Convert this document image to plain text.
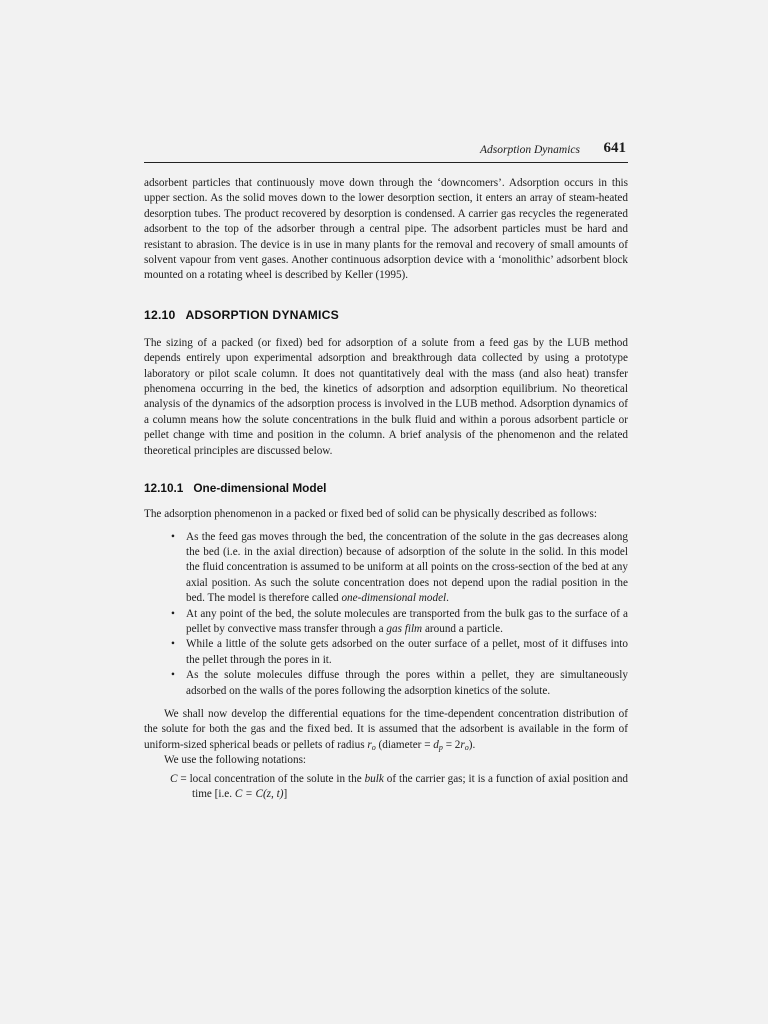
Adsorption Dynamics 641

adsorbent particles that continuously move down through the ‘downcomers’. Adsorption occurs in this upper section. As the solid moves down to the lower desorption section, it enters an array of steam-heated desorption tubes. The product recovered by desorption is condensed. A carrier gas recycles the regenerated adsorbent to the top of the adsorber through a central pipe. The adsorbent particles must be hard and resistant to abrasion. The device is in use in many plants for the removal and recovery of small amounts of solvent vapour from vent gases. Another continuous adsorption device with a ‘monolithic’ adsorbent block mounted on a rotating wheel is described by Keller (1995).

12.10 ADSORPTION DYNAMICS

The sizing of a packed (or fixed) bed for adsorption of a solute from a feed gas by the LUB method depends entirely upon experimental adsorption and breakthrough data collected by using a prototype laboratory or pilot scale column. It does not quantitatively deal with the mass (and also heat) transfer phenomena occurring in the bed, the kinetics of adsorption and adsorption equilibrium. No theoretical analysis of the dynamics of the adsorption process is involved in the LUB method. Adsorption dynamics of a column means how the solute concentrations in the bulk fluid and within a porous adsorbent particle or pellet change with time and position in the column. A brief analysis of the phenomenon and the related theoretical principles are discussed below.

12.10.1 One-dimensional Model

The adsorption phenomenon in a packed or fixed bed of solid can be physically described as follows:

• As the feed gas moves through the bed, the concentration of the solute in the gas decreases along the bed (i.e. in the axial direction) because of adsorption of the solute in the solid. In this model the fluid concentration is assumed to be uniform at all points on the cross-section of the bed at any axial position. As such the solute concentration does not depend upon the radial position in the bed. The model is therefore called one-dimensional model.
• At any point of the bed, the solute molecules are transported from the bulk gas to the surface of a pellet by convective mass transfer through a gas film around a particle.
• While a little of the solute gets adsorbed on the outer surface of a pellet, most of it diffuses into the pellet through the pores in it.
• As the solute molecules diffuse through the pores within a pellet, they are simultaneously adsorbed on the walls of the pores following the adsorption kinetics of the solute.

We shall now develop the differential equations for the time-dependent concentration distribution of the solute for both the gas and the fixed bed. It is assumed that the adsorbent is available in the form of uniform-sized spherical beads or pellets of radius $r_o$ (diameter = $d_p = 2r_o$).

We use the following notations:

C = local concentration of the solute in the bulk of the carrier gas; it is a function of axial position and time [i.e. C = C(z, t)]
